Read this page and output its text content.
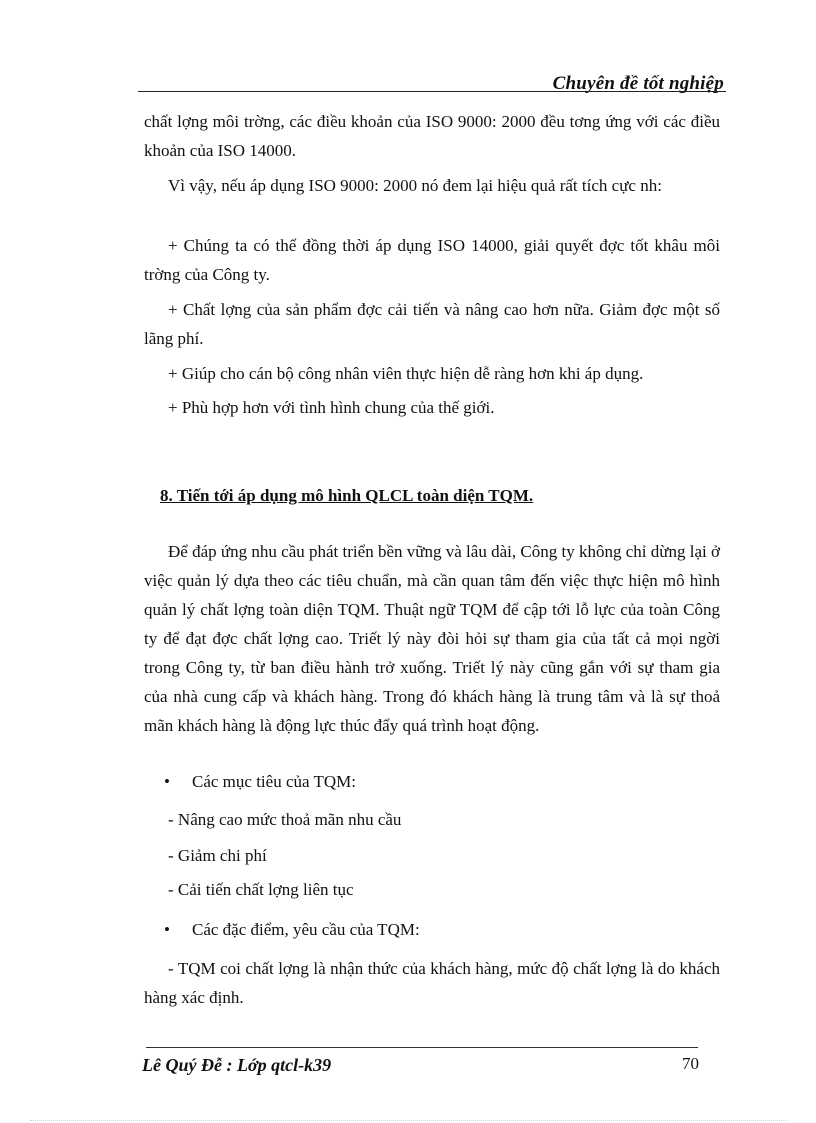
Chuyên đề tốt nghiệp

chất lợng môi trờng, các điều khoản của ISO 9000: 2000 đều tơng ứng với các điều khoản của ISO 14000.

Vì vậy, nếu áp dụng ISO 9000: 2000 nó đem lại hiệu quả rất tích cực nh:

+ Chúng ta có thể đồng thời áp dụng ISO 14000, giải quyết đợc tốt khâu môi trờng của Công ty.

+ Chất lợng của sản phẩm đợc cải tiến và nâng cao hơn nữa. Giảm đợc một số lãng phí.

+ Giúp cho cán bộ công nhân viên thực hiện dễ ràng hơn khi áp dụng.

+ Phù hợp hơn với tình hình chung của thế giới.

8. Tiến tới áp dụng mô hình QLCL toàn diện TQM.

Để đáp ứng nhu cầu phát triển bền vững và lâu dài, Công ty không chỉ dừng lại ở việc quản lý dựa theo các tiêu chuẩn, mà cần quan tâm đến việc thực hiện mô hình quản lý chất lợng toàn diện TQM. Thuật ngữ TQM để cập tới lỗ lực của toàn Công ty để đạt đợc chất lợng cao. Triết lý này đòi hỏi sự tham gia của tất cả mọi ngời trong Công ty, từ ban điều hành trở xuống. Triết lý này cũng gắn với sự tham gia của nhà cung cấp và khách hàng. Trong đó khách hàng là trung tâm và là sự thoả mãn khách hàng là động lực thúc đẩy quá trình hoạt động.

• Các mục tiêu của TQM:

- Nâng cao mức thoả mãn nhu cầu

- Giảm chi phí

- Cải tiến chất lợng liên tục

• Các đặc điểm, yêu cầu của TQM:

- TQM coi chất lợng là nhận thức của khách hàng, mức độ chất lợng là do khách hàng xác định.

Lê Quý Đễ : Lớp qtcl-k39	70
